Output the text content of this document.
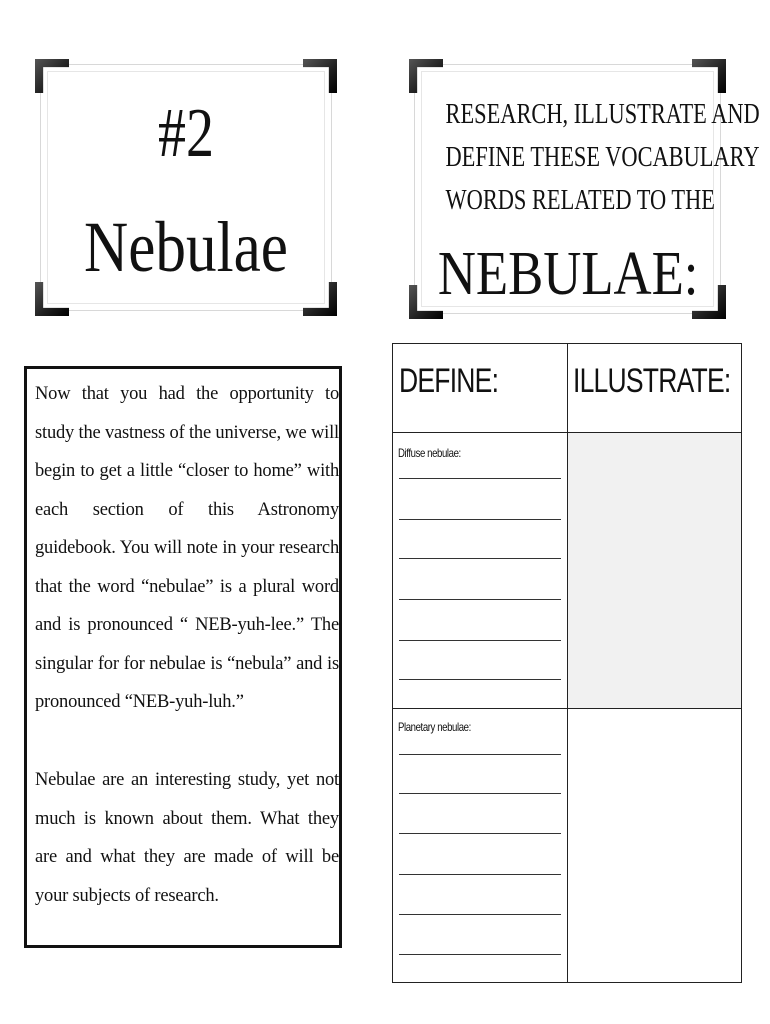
#2
Nebulae
RESEARCH, ILLUSTRATE AND
DEFINE THESE VOCABULARY
WORDS RELATED TO THE
NEBULAE:

Now that you had the opportunity to study the vastness of the universe, we will begin to get a little “closer to home” with each section of this Astronomy guidebook. You will note in your research that the word “nebulae” is a plural word and is pronounced “ NEB-yuh-lee.” The singular for for nebulae is “nebula” and is pronounced “NEB-yuh-luh.”

Nebulae are an interesting study, yet not much is known about them. What they are and what they are made of will be your subjects of research.

DEFINE: ILLUSTRATE:
Diffuse nebulae:
Planetary nebulae:
